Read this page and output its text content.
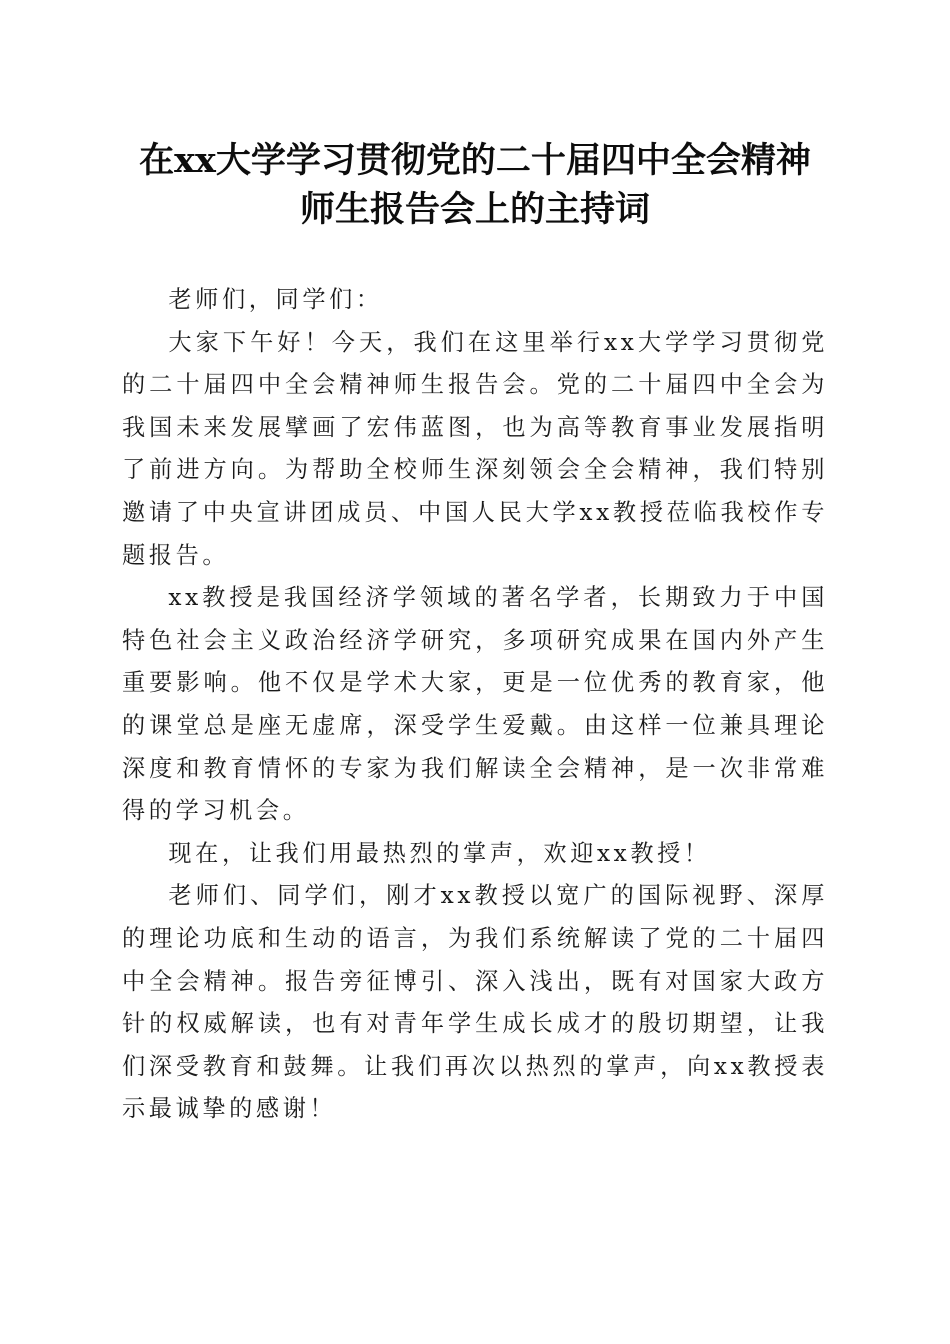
在xx大学学习贯彻党的二十届四中全会精神
师生报告会上的主持词

老师们，同学们：

大家下午好！今天，我们在这里举行xx大学学习贯彻党的二十届四中全会精神师生报告会。党的二十届四中全会为我国未来发展擘画了宏伟蓝图，也为高等教育事业发展指明了前进方向。为帮助全校师生深刻领会全会精神，我们特别邀请了中央宣讲团成员、中国人民大学xx教授莅临我校作专题报告。

xx教授是我国经济学领域的著名学者，长期致力于中国特色社会主义政治经济学研究，多项研究成果在国内外产生重要影响。他不仅是学术大家，更是一位优秀的教育家，他的课堂总是座无虚席，深受学生爱戴。由这样一位兼具理论深度和教育情怀的专家为我们解读全会精神，是一次非常难得的学习机会。

现在，让我们用最热烈的掌声，欢迎xx教授！

老师们、同学们，刚才xx教授以宽广的国际视野、深厚的理论功底和生动的语言，为我们系统解读了党的二十届四中全会精神。报告旁征博引、深入浅出，既有对国家大政方针的权威解读，也有对青年学生成长成才的殷切期望，让我们深受教育和鼓舞。让我们再次以热烈的掌声，向xx教授表示最诚挚的感谢！
